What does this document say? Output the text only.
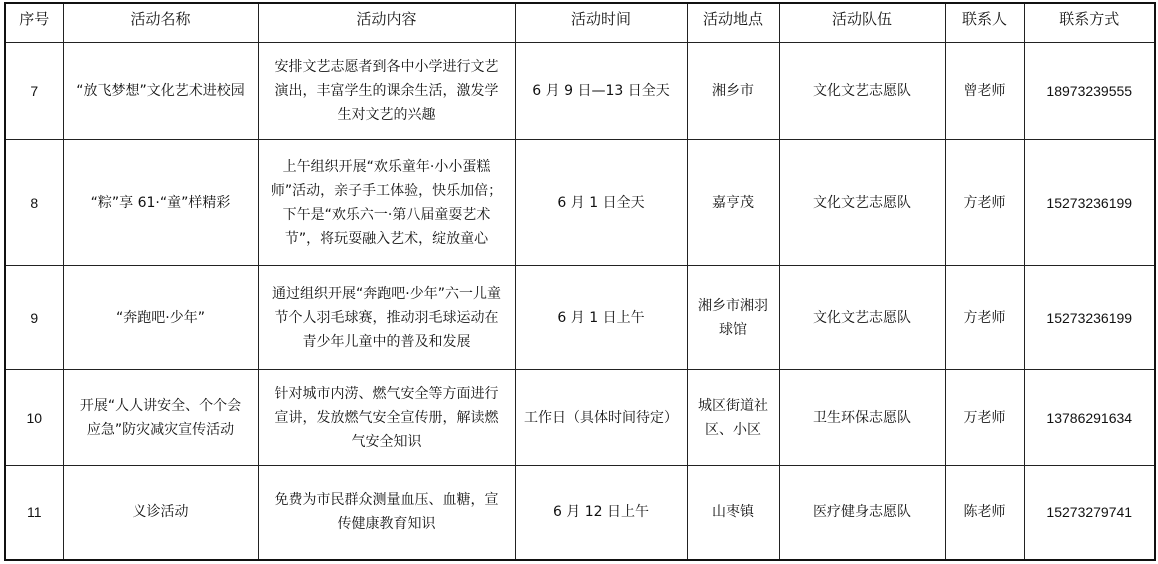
序号	活动名称	活动内容	活动时间	活动地点	活动队伍	联系人	联系方式
7	“放飞梦想”文化艺术进校园	安排文艺志愿者到各中小学进行文艺演出，丰富学生的课余生活，激发学生对文艺的兴趣	6 月 9 日—13 日全天	湘乡市	文化文艺志愿队	曾老师	18973239555
8	“粽”享 61·“童”样精彩	上午组织开展“欢乐童年·小小蛋糕师”活动，亲子手工体验，快乐加倍；下午是“欢乐六一·第八届童耍艺术节”，将玩耍融入艺术，绽放童心	6 月 1 日全天	嘉亨茂	文化文艺志愿队	方老师	15273236199
9	“奔跑吧·少年”	通过组织开展“奔跑吧·少年”六一儿童节个人羽毛球赛，推动羽毛球运动在青少年儿童中的普及和发展	6 月 1 日上午	湘乡市湘羽球馆	文化文艺志愿队	方老师	15273236199
10	开展“人人讲安全、个个会应急”防灾减灾宣传活动	针对城市内涝、燃气安全等方面进行宣讲，发放燃气安全宣传册，解读燃气安全知识	工作日（具体时间待定）	城区街道社区、小区	卫生环保志愿队	万老师	13786291634
11	义诊活动	免费为市民群众测量血压、血糖，宣传健康教育知识	6 月 12 日上午	山枣镇	医疗健身志愿队	陈老师	15273279741
